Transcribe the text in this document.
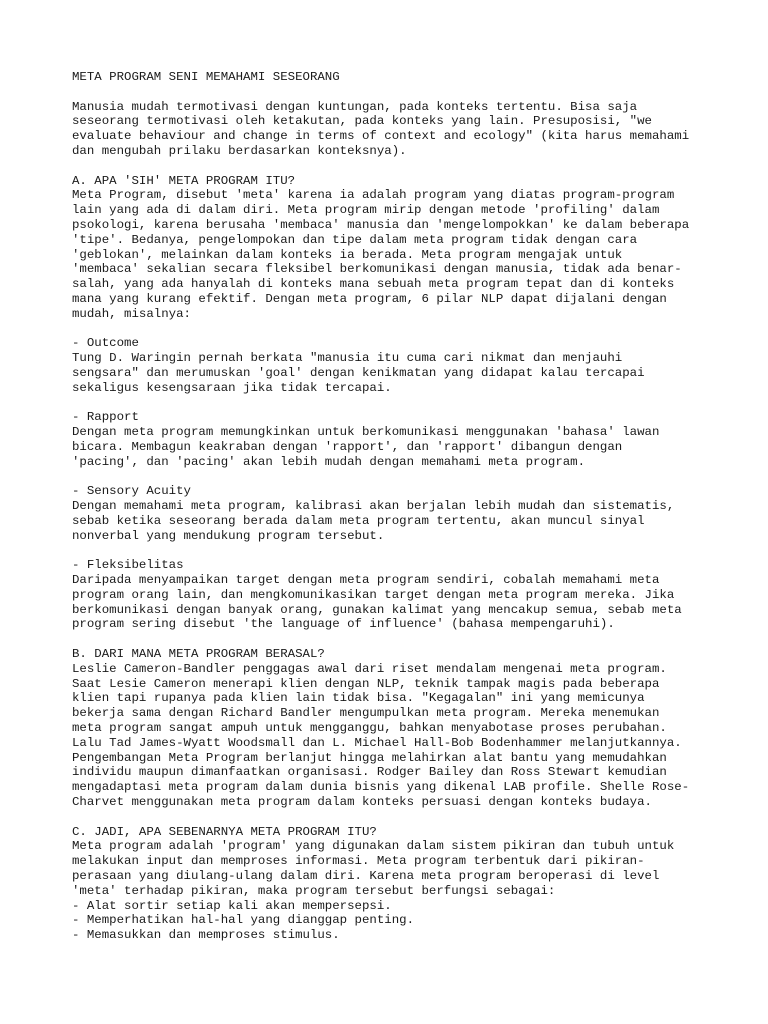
META PROGRAM SENI MEMAHAMI SESEORANG
Manusia mudah termotivasi dengan kuntungan, pada konteks tertentu. Bisa saja
seseorang termotivasi oleh ketakutan, pada konteks yang lain. Presuposisi, "we
evaluate behaviour and change in terms of context and ecology" (kita harus memahami
dan mengubah prilaku berdasarkan konteksnya).
A. APA 'SIH' META PROGRAM ITU?
Meta Program, disebut 'meta' karena ia adalah program yang diatas program-program
lain yang ada di dalam diri. Meta program mirip dengan metode 'profiling' dalam
psokologi, karena berusaha 'membaca' manusia dan 'mengelompokkan' ke dalam beberapa
'tipe'. Bedanya, pengelompokan dan tipe dalam meta program tidak dengan cara
'geblokan', melainkan dalam konteks ia berada. Meta program mengajak untuk
'membaca' sekalian secara fleksibel berkomunikasi dengan manusia, tidak ada benar-
salah, yang ada hanyalah di konteks mana sebuah meta program tepat dan di konteks
mana yang kurang efektif. Dengan meta program, 6 pilar NLP dapat dijalani dengan
mudah, misalnya:
- Outcome
Tung D. Waringin pernah berkata "manusia itu cuma cari nikmat dan menjauhi
sengsara" dan merumuskan 'goal' dengan kenikmatan yang didapat kalau tercapai
sekaligus kesengsaraan jika tidak tercapai.
- Rapport
Dengan meta program memungkinkan untuk berkomunikasi menggunakan 'bahasa' lawan
bicara. Membagun keakraban dengan 'rapport', dan 'rapport' dibangun dengan
'pacing', dan 'pacing' akan lebih mudah dengan memahami meta program.
- Sensory Acuity
Dengan memahami meta program, kalibrasi akan berjalan lebih mudah dan sistematis,
sebab ketika seseorang berada dalam meta program tertentu, akan muncul sinyal
nonverbal yang mendukung program tersebut.
- Fleksibelitas
Daripada menyampaikan target dengan meta program sendiri, cobalah memahami meta
program orang lain, dan mengkomunikasikan target dengan meta program mereka. Jika
berkomunikasi dengan banyak orang, gunakan kalimat yang mencakup semua, sebab meta
program sering disebut 'the language of influence' (bahasa mempengaruhi).
B. DARI MANA META PROGRAM BERASAL?
Leslie Cameron-Bandler penggagas awal dari riset mendalam mengenai meta program.
Saat Lesie Cameron menerapi klien dengan NLP, teknik tampak magis pada beberapa
klien tapi rupanya pada klien lain tidak bisa. "Kegagalan" ini yang memicunya
bekerja sama dengan Richard Bandler mengumpulkan meta program. Mereka menemukan
meta program sangat ampuh untuk mengganggu, bahkan menyabotase proses perubahan.
Lalu Tad James-Wyatt Woodsmall dan L. Michael Hall-Bob Bodenhammer melanjutkannya.
Pengembangan Meta Program berlanjut hingga melahirkan alat bantu yang memudahkan
individu maupun dimanfaatkan organisasi. Rodger Bailey dan Ross Stewart kemudian
mengadaptasi meta program dalam dunia bisnis yang dikenal LAB profile. Shelle Rose-
Charvet menggunakan meta program dalam konteks persuasi dengan konteks budaya.
C. JADI, APA SEBENARNYA META PROGRAM ITU?
Meta program adalah 'program' yang digunakan dalam sistem pikiran dan tubuh untuk
melakukan input dan memproses informasi. Meta program terbentuk dari pikiran-
perasaan yang diulang-ulang dalam diri. Karena meta program beroperasi di level
'meta' terhadap pikiran, maka program tersebut berfungsi sebagai:
- Alat sortir setiap kali akan mempersepsi.
- Memperhatikan hal-hal yang dianggap penting.
- Memasukkan dan memproses stimulus.
